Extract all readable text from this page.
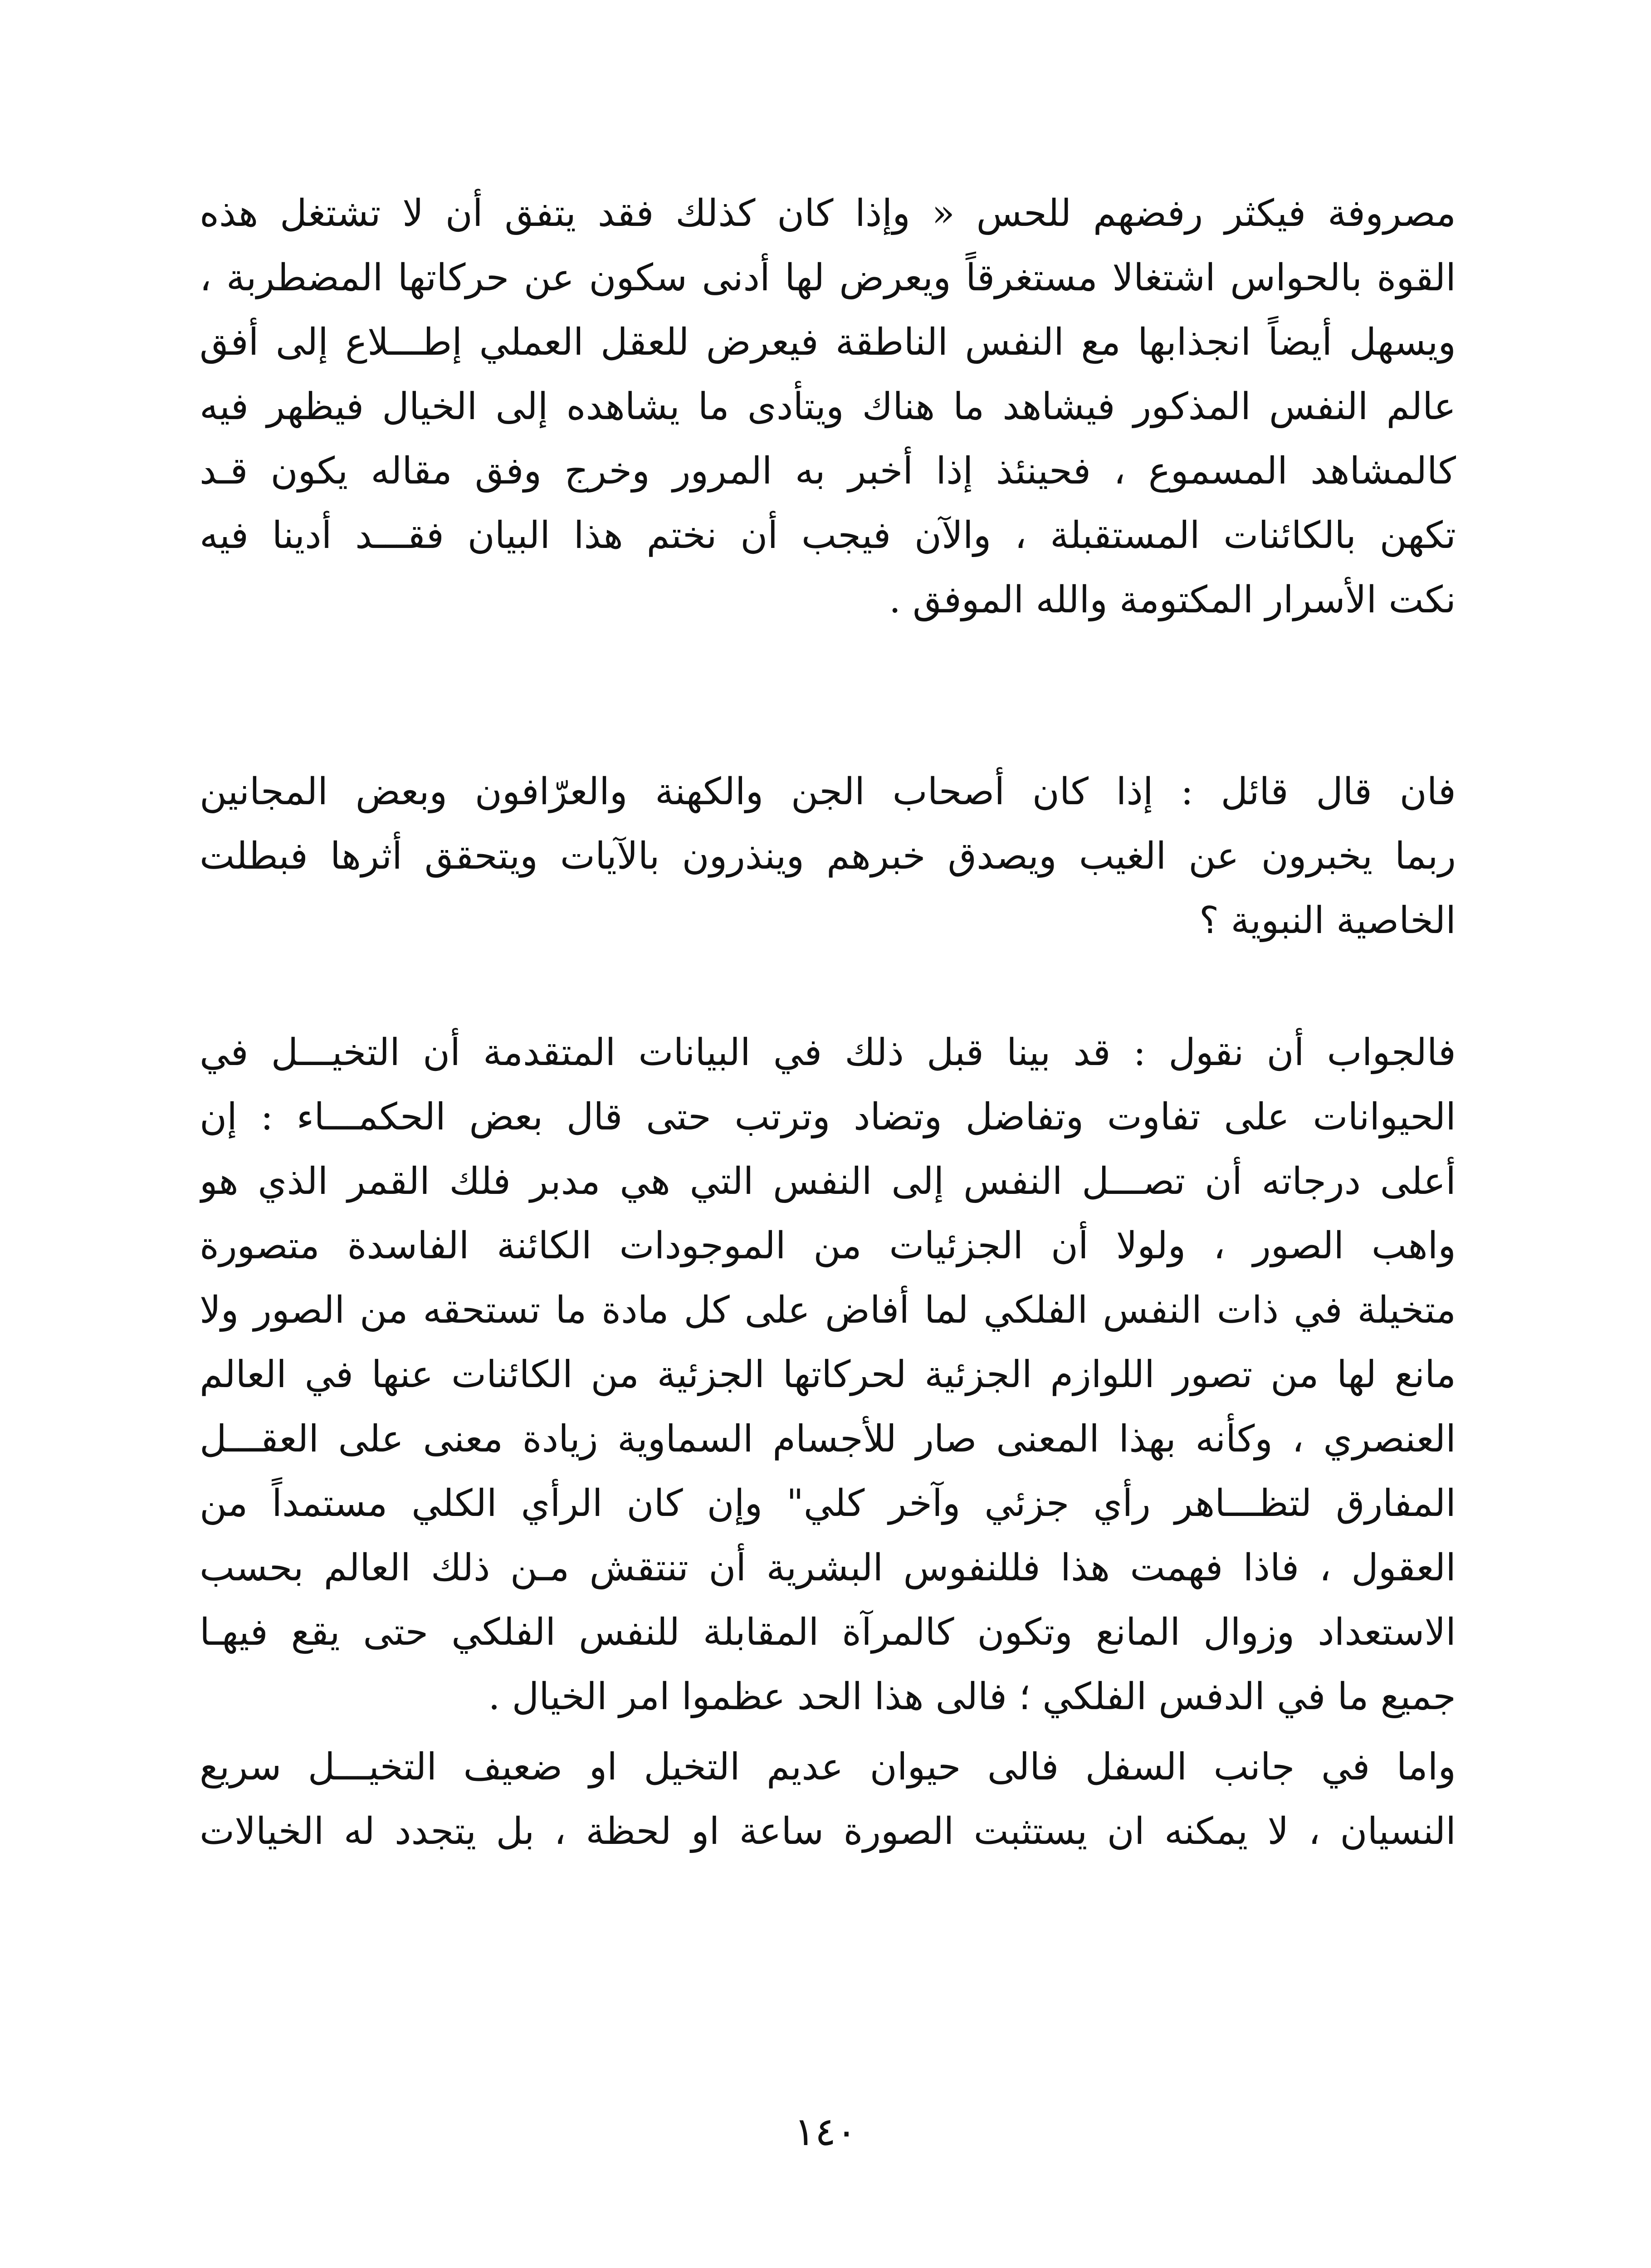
مصروفة فيكثر رفضهم للحس « وإذا كان كذلك فقد يتفق أن لا تشتغل هذه
القوة بالحواس اشتغالا مستغرقاً ويعرض لها أدنى سكون عن حركاتها المضطربة ،
ويسهل أيضاً انجذابها مع النفس الناطقة فيعرض للعقل العملي إطـــلاع إلى أفق
عالم النفس المذكور فيشاهد ما هناك ويتأدى ما يشاهده إلى الخيال فيظهر فيه
كالمشاهد المسموع ، فحينئذ إذا أخبر به المرور وخرج وفق مقاله يكون قـد
تكهن بالكائنات المستقبلة ، والآن فيجب أن نختم هذا البيان فقـــد أدينا فيه
نكت الأسرار المكتومة والله الموفق .
فان قال قائل : إذا كان أصحاب الجن والكهنة والعرّافون وبعض المجانين
ربما يخبرون عن الغيب ويصدق خبرهم وينذرون بالآيات ويتحقق أثرها فبطلت
الخاصية النبوية ؟
فالجواب أن نقول : قد بينا قبل ذلك في البيانات المتقدمة أن التخيـــل في
الحيوانات على تفاوت وتفاضل وتضاد وترتب حتى قال بعض الحكمـــاء : إن
أعلى درجاته أن تصـــل النفس إلى النفس التي هي مدبر فلك القمر الذي هو
واهب الصور ، ولولا أن الجزئيات من الموجودات الكائنة الفاسدة متصورة
متخيلة في ذات النفس الفلكي لما أفاض على كل مادة ما تستحقه من الصور ولا
مانع لها من تصور اللوازم الجزئية لحركاتها الجزئية من الكائنات عنها في العالم
العنصري ، وكأنه بهذا المعنى صار للأجسام السماوية زيادة معنى على العقـــل
المفارق لتظـــاهر رأي جزئي وآخر كلي" وإن كان الرأي الكلي مستمداً من
العقول ، فاذا فهمت هذا فللنفوس البشرية أن تنتقش مـن ذلك العالم بحسب
الاستعداد وزوال المانع وتكون كالمرآة المقابلة للنفس الفلكي حتى يقع فيهـا
جميع ما في الدفس الفلكي ؛ فالى هذا الحد عظموا امر الخيال .
واما في جانب السفل فالى حيوان عديم التخيل او ضعيف التخيـــل سريع
النسيان ، لا يمكنه ان يستثبت الصورة ساعة او لحظة ، بل يتجدد له الخيالات
١٤٠
